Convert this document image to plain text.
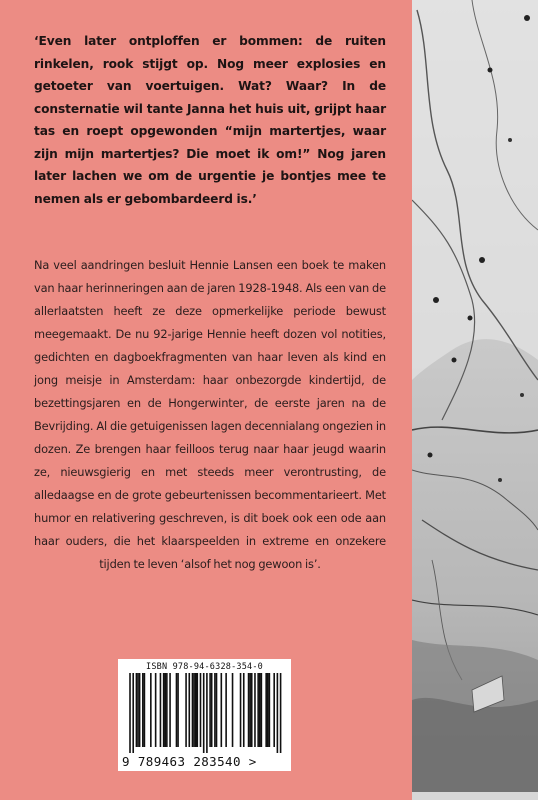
‘Even later ontploffen er bommen: de ruiten rinkelen, rook stijgt op. Nog meer explosies en getoeter van voertuigen. Wat? Waar? In de consternatie wil tante Janna het huis uit, grijpt haar tas en roept opgewonden “mijn martertjes, waar zijn mijn martertjes? Die moet ik om!” Nog jaren later lachen we om de urgentie je bontjes mee te nemen als er gebombardeerd is.’

Na veel aandringen besluit Hennie Lansen een boek te maken van haar herinneringen aan de jaren 1928-1948. Als een van de allerlaatsten heeft ze deze opmerkelijke periode bewust meegemaakt. De nu 92-jarige Hennie heeft dozen vol notities, gedichten en dagboekfragmenten van haar leven als kind en jong meisje in Amsterdam: haar onbezorgde kindertijd, de bezettingsjaren en de Hongerwinter, de eerste jaren na de Bevrijding. Al die getuigenissen lagen decennialang ongezien in dozen. Ze brengen haar feilloos terug naar haar jeugd waarin ze, nieuwsgierig en met steeds meer verontrusting, de alledaagse en de grote gebeurtenissen becommentarieert. Met humor en relativering geschreven, is dit boek ook een ode aan haar ouders, die het klaarspeelden in extreme en onzekere tijden te leven ‘alsof het nog gewoon is’.

ISBN 978-94-6328-354-0
9 789463 283540 >
